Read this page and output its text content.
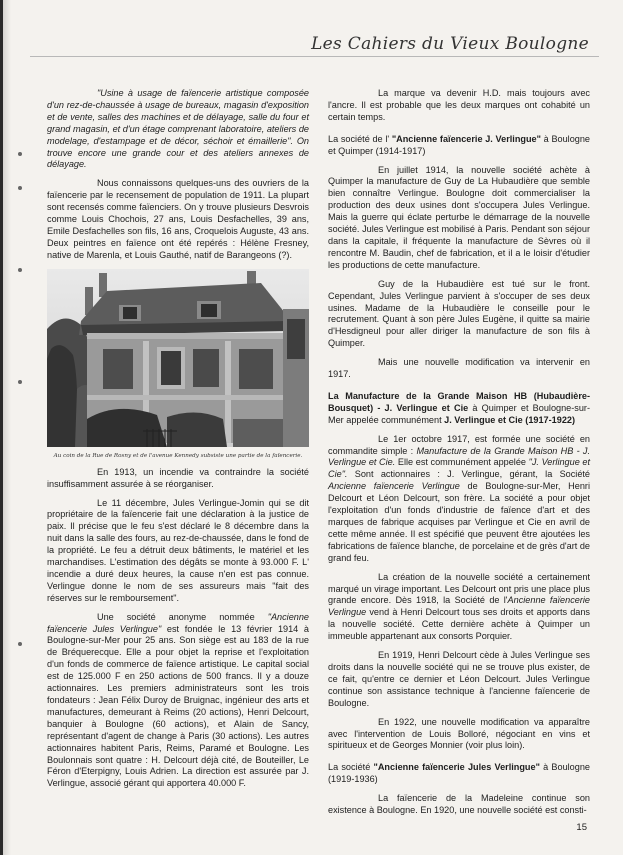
Les Cahiers du Vieux Boulogne

"Usine à usage de faïencerie artistique composée d'un rez-de-chaussée à usage de bureaux, magasin d'exposition et de vente, salles des machines et de délayage, salle du four et grand magasin, et d'un étage comprenant laboratoire, ateliers de modelage, d'estampage et de décor, séchoir et émaillerie". On trouve encore une grande cour et des ateliers annexes de délayage.

Nous connaissons quelques-uns des ouvriers de la faïencerie par le recensement de population de 1911. La plupart sont recensés comme faïenciers. On y trouve plusieurs Desvrois comme Louis Chochois, 27 ans, Louis Desfachelles, 39 ans, Emile Desfachelles son fils, 16 ans, Croquelois Auguste, 43 ans. Deux peintres en faïence ont été repérés : Hélène Fresney, native de Marenla, et Louis Gauthé, natif de Barangeons (?).

Au coin de la Rue de Rosny et de l'avenue Kennedy subsiste une partie de la faïencerie.

En 1913, un incendie va contraindre la société insuffisamment assurée à se réorganiser.

Le 11 décembre, Jules Verlingue-Jomin qui se dit propriétaire de la faïencerie fait une déclaration à la justice de paix. Il précise que le feu s'est déclaré le 8 décembre dans la nuit dans la salle des fours, au rez-de-chaussée, dans le fond de la propriété. Le feu a détruit deux bâtiments, le matériel et les marchandises. L'estimation des dégâts se monte à 93.000 F. L' incendie a duré deux heures, la cause n'en est pas connue. Verlingue donne le nom de ses assureurs mais "fait des réserves sur le remboursement".

Une société anonyme nommée "Ancienne faïencerie Jules Verlingue" est fondée le 13 février 1914 à Boulogne-sur-Mer pour 25 ans. Son siège est au 183 de la rue de Bréquerecque. Elle a pour objet la reprise et l'exploitation d'un fonds de commerce de faïence artistique. Le capital social est de 125.000 F en 250 actions de 500 francs. Il y a douze actionnaires. Les premiers administrateurs sont les trois fondateurs : Jean Félix Duroy de Bruignac, ingénieur des arts et manufactures, demeurant à Reims (20 actions), Henri Delcourt, banquier à Boulogne (60 actions), et Alain de Sancy, représentant d'agent de change à Paris (30 actions). Les autres actionnaires habitent Paris, Reims, Paramé et Boulogne. Les Boulonnais sont quatre : H. Delcourt déjà cité, de Bouteiller, Le Féron d'Eterpigny, Louis Adrien. La direction est assurée par J. Verlingue, associé gérant qui apportera 40.000 F.

La marque va devenir H.D. mais toujours avec l'ancre. Il est probable que les deux marques ont cohabité un certain temps.

La société de l' "Ancienne faïencerie J. Verlingue" à Boulogne et Quimper (1914-1917)

En juillet 1914, la nouvelle société achète à Quimper la manufacture de Guy de La Hubaudière que semble bien connaître Verlingue. Boulogne doit commercialiser la production des deux usines dont s'occupera Jules Verlingue. Mais la guerre qui éclate perturbe le démarrage de la nouvelle société. Jules Verlingue est mobilisé à Paris. Pendant son séjour dans la capitale, il fréquente la manufacture de Sèvres où il rencontre M. Baudin, chef de fabrication, et il a le loisir d'étudier les productions de cette manufacture.

Guy de la Hubaudière est tué sur le front. Cependant, Jules Verlingue parvient à s'occuper de ses deux usines. Madame de la Hubaudière le conseille pour le recrutement. Quant à son père Jules Eugène, il quitte sa mairie d'Hesdigneul pour aller diriger la manufacture de son fils à Quimper.

Mais une nouvelle modification va intervenir en 1917.

La Manufacture de la Grande Maison HB (Hubaudière-Bousquet) - J. Verlingue et Cie à Quimper et Boulogne-sur-Mer appelée communément J. Verlingue et Cie (1917-1922)

Le 1er octobre 1917, est formée une société en commandite simple : Manufacture de la Grande Maison HB - J. Verlingue et Cie. Elle est communément appelée "J. Verlingue et Cie". Sont actionnaires : J. Verlingue, gérant, la Société Ancienne faïencerie Verlingue de Boulogne-sur-Mer, Henri Delcourt et Léon Delcourt, son frère. La société a pour objet l'exploitation d'un fonds d'industrie de faïence d'art et des marques de fabrique acquises par Verlingue et Cie en avril de cette même année. Il est spécifié que peuvent être ajoutées les fabrications de faïence blanche, de porcelaine et de grès d'art de grand feu.

La création de la nouvelle société a certainement marqué un virage important. Les Delcourt ont pris une place plus grande encore. Dès 1918, la Société de l'Ancienne faïencerie Verlingue vend à Henri Delcourt tous ses droits et apports dans la nouvelle société. Cette dernière achète à Quimper un immeuble appartenant aux consorts Porquier.

En 1919, Henri Delcourt cède à Jules Verlingue ses droits dans la nouvelle société qui ne se trouve plus exister, de ce fait, qu'entre ce dernier et Léon Delcourt. Jules Verlingue continue son assistance technique à l'ancienne faïencerie de Boulogne.

En 1922, une nouvelle modification va apparaître avec l'intervention de Louis Bolloré, négociant en vins et spiritueux et de Georges Monnier (voir plus loin).

La société "Ancienne faïencerie Jules Verlingue" à Boulogne (1919-1936)

La faïencerie de la Madeleine continue son existence à Boulogne. En 1920, une nouvelle société est consti-

15
